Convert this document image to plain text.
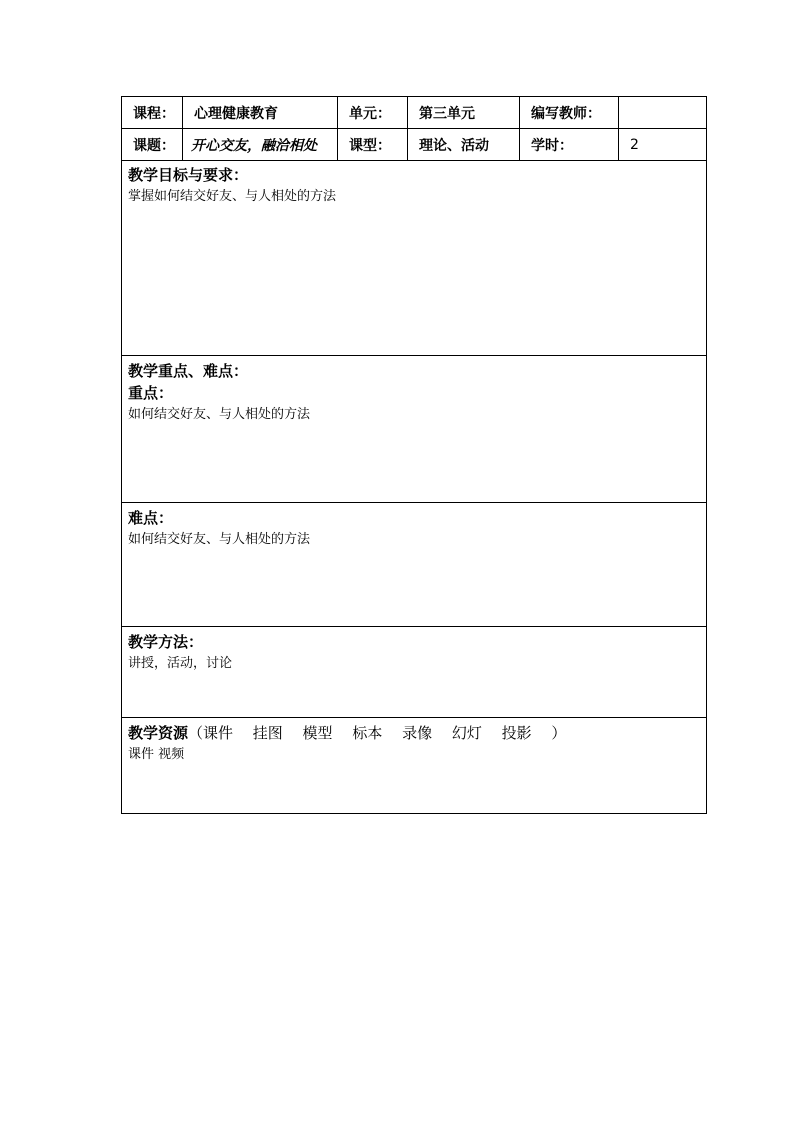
课程：	心理健康教育	单元：	第三单元	编写教师：	
课题：	开心交友，融洽相处	课型：	理论、活动	学时：	2
教学目标与要求：
掌握如何结交好友、与人相处的方法
教学重点、难点：
重点：
如何结交好友、与人相处的方法
难点：
如何结交好友、与人相处的方法
教学方法：
讲授，活动，讨论
教学资源（课件　 挂图　 模型　 标本　 录像　 幻灯　 投影　 ）
课件 视频
